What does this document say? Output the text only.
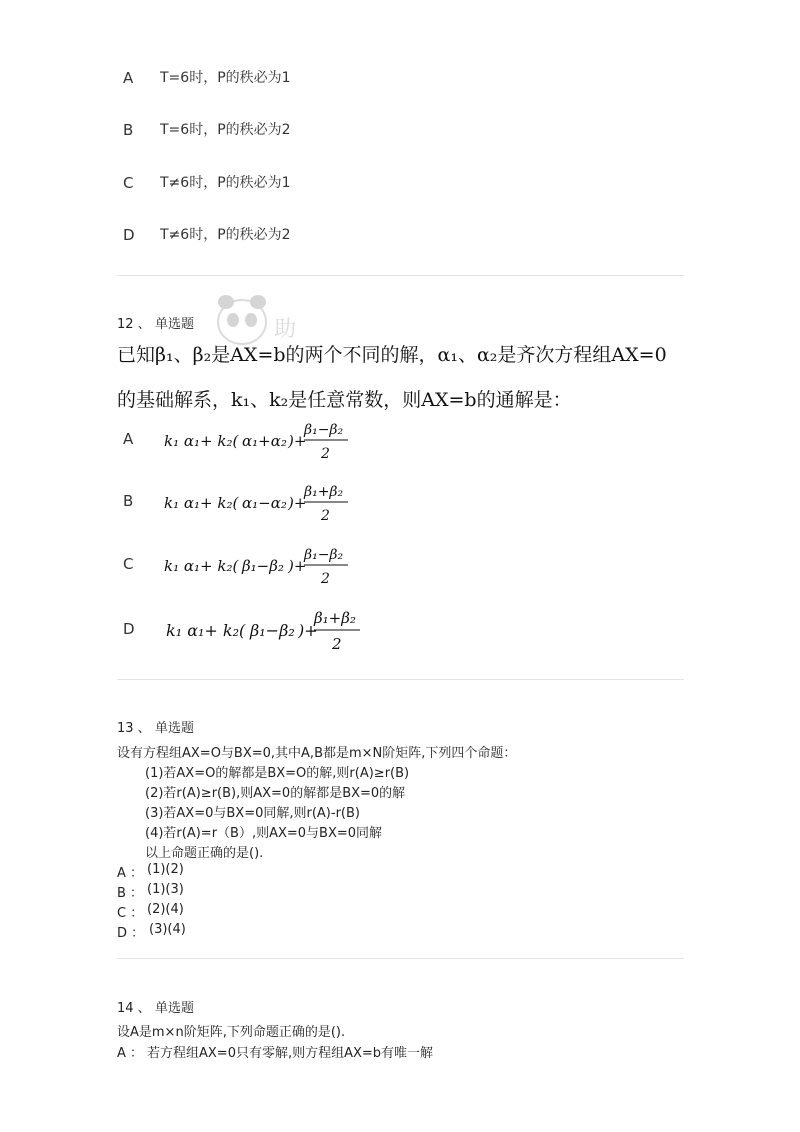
A T=6时，P的秩必为1
B T=6时，P的秩必为2
C T≠6时，P的秩必为1
D T≠6时，P的秩必为2
助
12 、 单选题
已知β₁、β₂是AX=b的两个不同的解，α₁、α₂是齐次方程组AX=0
的基础解系，k₁、k₂是任意常数，则AX=b的通解是：
A k₁ α₁+ k₂( α₁+α₂ )+
β₁−β₂
2
B k₁ α₁+ k₂( α₁−α₂ )+
β₁+β₂
2
C k₁ α₁+ k₂( β₁−β₂ )+
β₁−β₂
2
D k₁ α₁+ k₂( β₁−β₂ )+
β₁+β₂
2
13 、 单选题
设有方程组AX=O与BX=0,其中A,B都是m×N阶矩阵,下列四个命题：
(1)若AX=O的解都是BX=O的解,则r(A)≥r(B)
(2)若r(A)≥r(B),则AX=0的解都是BX=0的解
(3)若AX=0与BX=0同解,则r(A)-r(B)
(4)若r(A)=r（B）,则AX=0与BX=0同解
以上命题正确的是().
A ： (1)(2)
B ： (1)(3)
C ： (2)(4)
D ： (3)(4)
14 、 单选题
设A是m×n阶矩阵,下列命题正确的是().
A ： 若方程组AX=0只有零解,则方程组AX=b有唯一解
